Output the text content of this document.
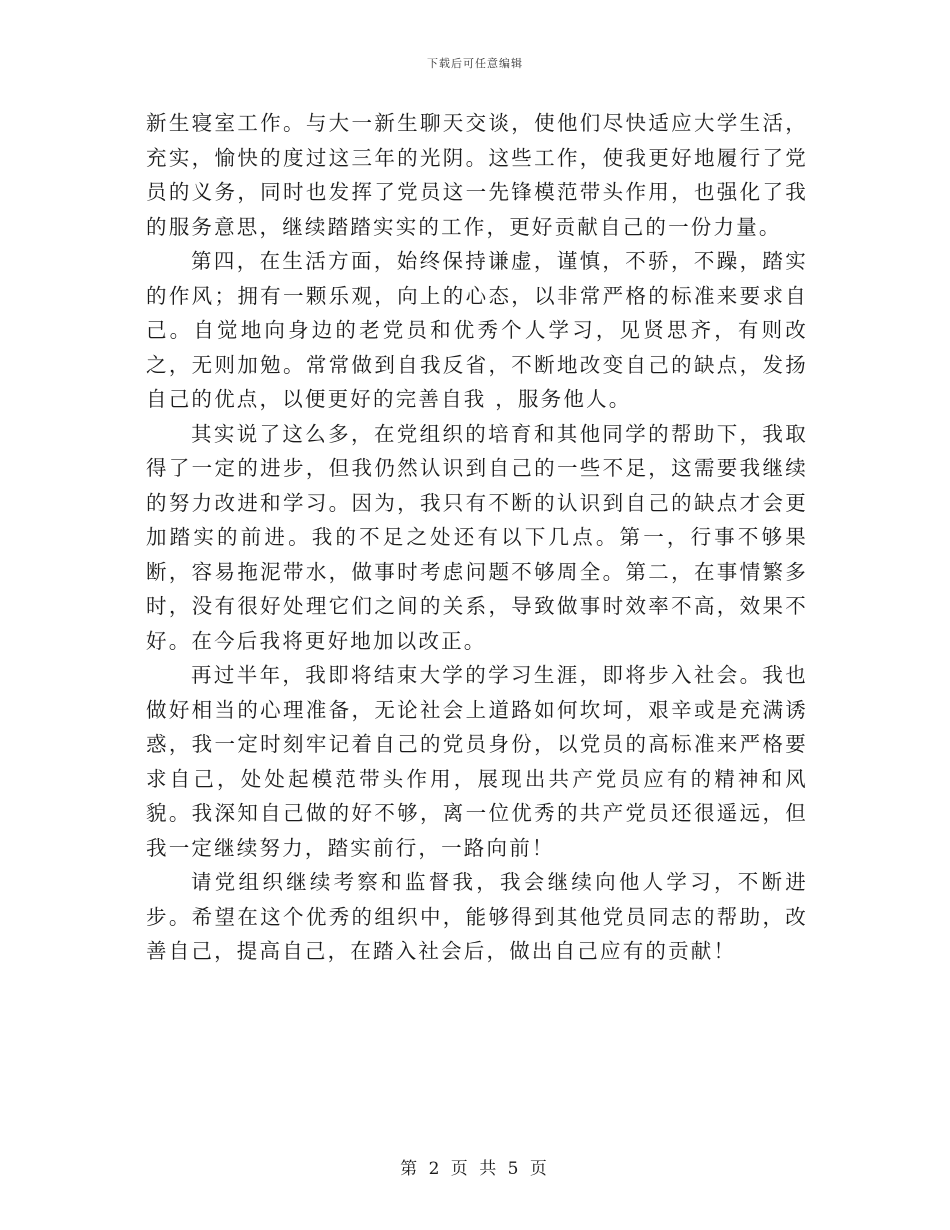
下载后可任意编辑

新生寝室工作。与大一新生聊天交谈，使他们尽快适应大学生活，充实，愉快的度过这三年的光阴。这些工作，使我更好地履行了党员的义务，同时也发挥了党员这一先锋模范带头作用，也强化了我的服务意思，继续踏踏实实的工作，更好贡献自己的一份力量。

第四，在生活方面，始终保持谦虚，谨慎，不骄，不躁，踏实的作风；拥有一颗乐观，向上的心态，以非常严格的标准来要求自己。自觉地向身边的老党员和优秀个人学习，见贤思齐，有则改之，无则加勉。常常做到自我反省，不断地改变自己的缺点，发扬自己的优点，以便更好的完善自我 ，服务他人。

其实说了这么多，在党组织的培育和其他同学的帮助下，我取得了一定的进步，但我仍然认识到自己的一些不足，这需要我继续的努力改进和学习。因为，我只有不断的认识到自己的缺点才会更加踏实的前进。我的不足之处还有以下几点。第一，行事不够果断，容易拖泥带水，做事时考虑问题不够周全。第二，在事情繁多时，没有很好处理它们之间的关系，导致做事时效率不高，效果不好。在今后我将更好地加以改正。

再过半年，我即将结束大学的学习生涯，即将步入社会。我也做好相当的心理准备，无论社会上道路如何坎坷，艰辛或是充满诱惑，我一定时刻牢记着自己的党员身份，以党员的高标准来严格要求自己，处处起模范带头作用，展现出共产党员应有的精神和风貌。我深知自己做的好不够，离一位优秀的共产党员还很遥远，但我一定继续努力，踏实前行，一路向前！

请党组织继续考察和监督我，我会继续向他人学习，不断进步。希望在这个优秀的组织中，能够得到其他党员同志的帮助，改善自己，提高自己，在踏入社会后，做出自己应有的贡献！

第 2 页 共 5 页
